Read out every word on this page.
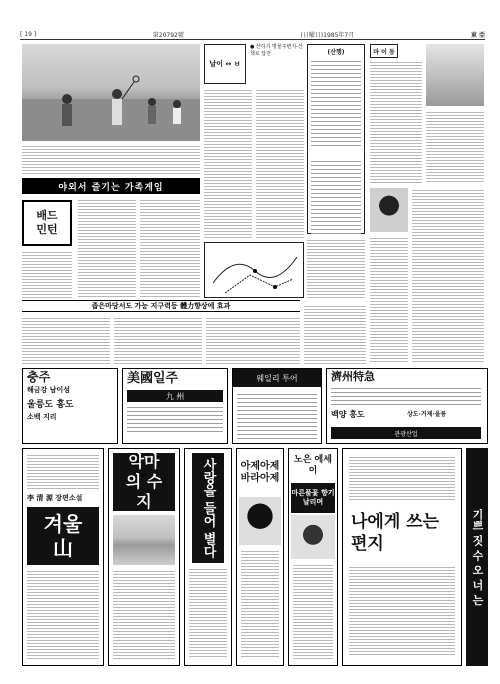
[ 19 ]	第20792號	(日曜日)1985年7月	東 亞
야외서 즐기는 가족게임
배드 민턴
좁은마당서도 가능 지구력등 體力향상에 효과
날이 ↔ ㅂ
● 산하기 명물주변지-산책로 답걷	(산행)	마 이 동
충주
해금강 남이섬
울릉도 홍도
소백 지리
美國일주
九 州
웨일리 투어	濟州特急
백양 홍도	상도·거제·울릉
관광산업
李 清 源 장편소설
겨울 山
악마의 수지	사랑을 들어 별다	아제아제 바라아제
노은 에세이
마른풀꽃 향기 날리며
나에게 쓰는 편지	기쁘 짓 수 오 너 는
